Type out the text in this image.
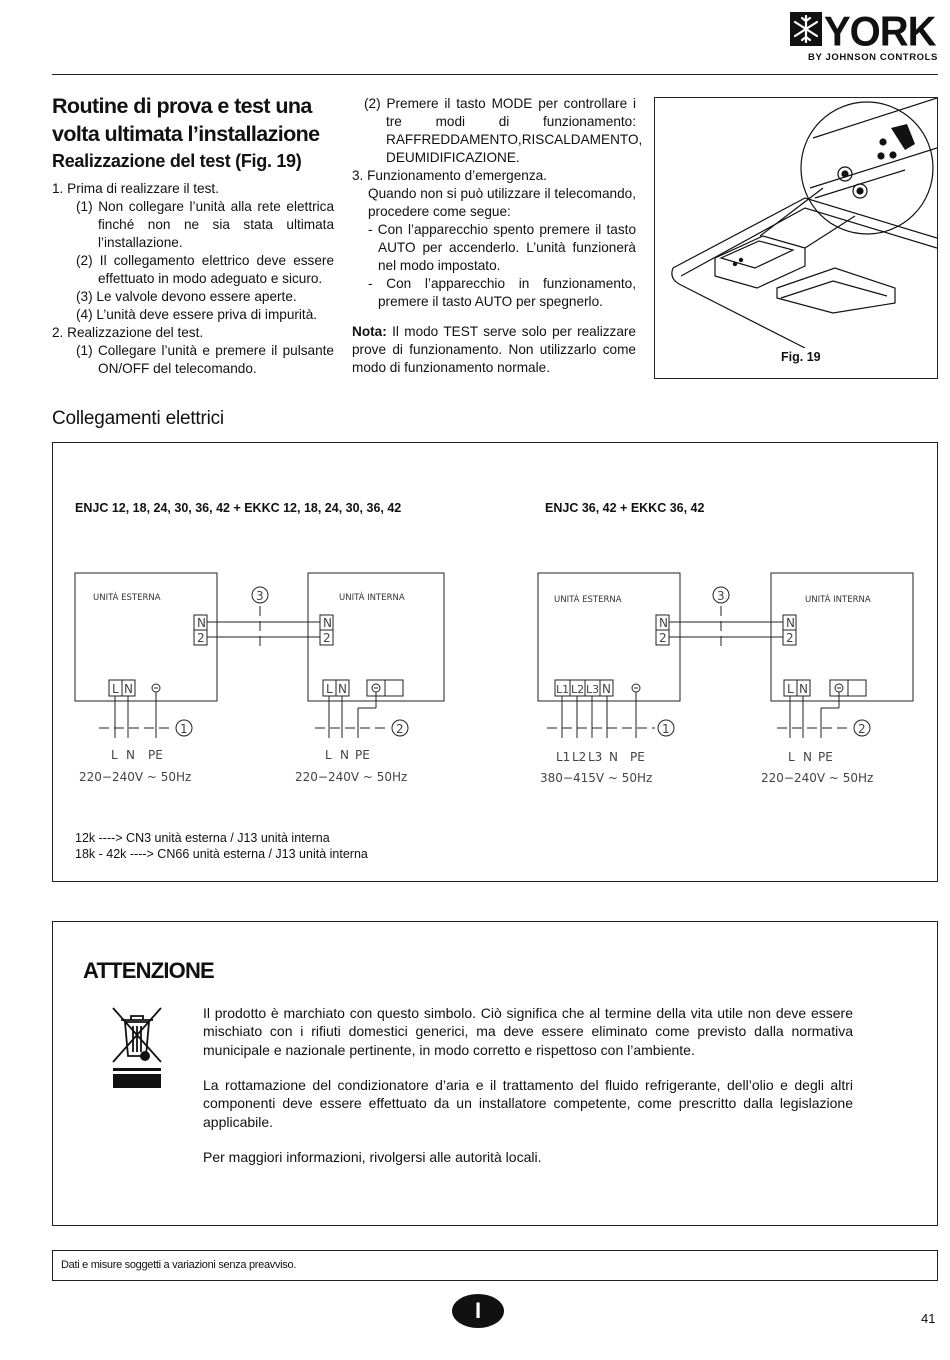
YORK
BY JOHNSON CONTROLS
Routine di prova e test una volta ultimata l’installazione
Realizzazione del test (Fig. 19)
1. Prima di realizzare il test.
(1) Non collegare l’unità alla rete elettrica finché non ne sia stata ultimata l’installazione.
(2) Il collegamento elettrico deve essere effettuato in modo adeguato e sicuro.
(3) Le valvole devono essere aperte.
(4) L’unità deve essere priva di impurità.
2. Realizzazione del test.
(1) Collegare l’unità e premere il pulsante ON/OFF del telecomando.
(2) Premere il tasto MODE per controllare i tre modi di funzionamento: RAFFREDDAMENTO,RISCALDAMENTO, DEUMIDIFICAZIONE.
3. Funzionamento d’emergenza.
Quando non si può utilizzare il telecomando, procedere come segue:
- Con l’apparecchio spento premere il tasto AUTO per accenderlo. L’unità funzionerà nel modo impostato.
- Con l’apparecchio in funzionamento, premere il tasto AUTO per spegnerlo.
Nota: Il modo TEST serve solo per realizzare prove di funzionamento. Non utilizzarlo come modo di funzionamento normale.
Fig. 19
Collegamenti elettrici
ENJC 12, 18, 24, 30, 36, 42 + EKKC 12, 18, 24, 30, 36, 42	ENJC 36, 42 + EKKC 36, 42
UNITÀ ESTERNA	UNITÀ INTERNA	UNITÀ ESTERNA	UNITÀ INTERNA
N
2
N
2
3
L N	L N
1	2
L N PE	L N PE
220−240V ~ 50Hz	220−240V ~ 50Hz
N
2
N
2
3
L1 L2 L3 N	L N
1	2
L1 L2 L3 N PE	L N PE
380−415V ~ 50Hz	220−240V ~ 50Hz
12k ----> CN3 unità esterna / J13 unità interna
18k - 42k ----> CN66 unità esterna / J13 unità interna
ATTENZIONE
Il prodotto è marchiato con questo simbolo. Ciò significa che al termine della vita utile non deve essere mischiato con i rifiuti domestici generici, ma deve essere eliminato come previsto dalla normativa municipale e nazionale pertinente, in modo corretto e rispettoso con l’ambiente.
La rottamazione del condizionatore d’aria e il trattamento del fluido refrigerante, dell’olio e degli altri componenti deve essere effettuato da un installatore competente, come prescritto dalla legislazione applicabile.
Per maggiori informazioni, rivolgersi alle autorità locali.
Dati e misure soggetti a variazioni senza preavviso.
I	41
